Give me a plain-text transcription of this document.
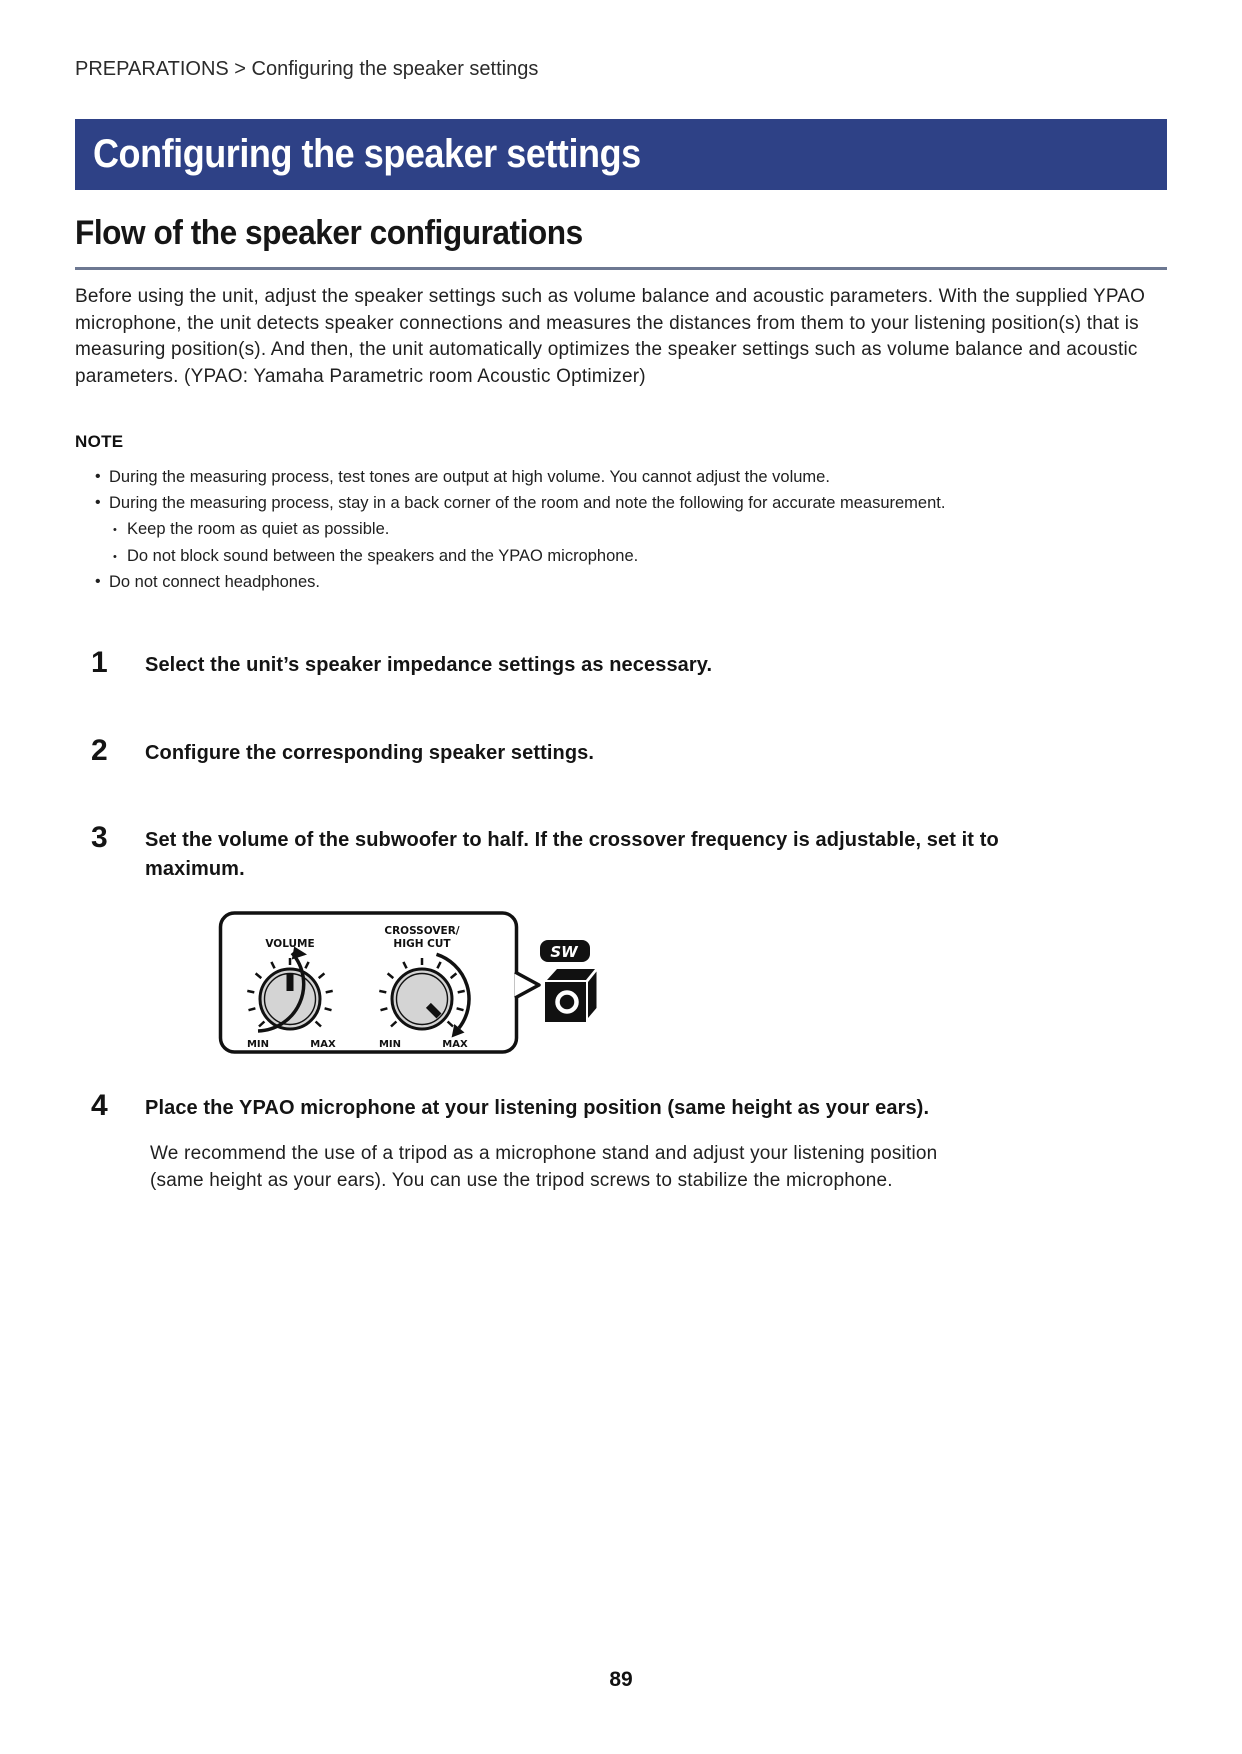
PREPARATIONS > Configuring the speaker settings
Configuring the speaker settings
Flow of the speaker configurations

Before using the unit, adjust the speaker settings such as volume balance and acoustic parameters. With the supplied YPAO microphone, the unit detects speaker connections and measures the distances from them to your listening position(s) that is measuring position(s). And then, the unit automatically optimizes the speaker settings such as volume balance and acoustic parameters. (YPAO: Yamaha Parametric room Acoustic Optimizer)

NOTE
• During the measuring process, test tones are output at high volume. You cannot adjust the volume.
• During the measuring process, stay in a back corner of the room and note the following for accurate measurement.
• Keep the room as quiet as possible.
• Do not block sound between the speakers and the YPAO microphone.
• Do not connect headphones.
1	Select the unit’s speaker impedance settings as necessary.
2	Configure the corresponding speaker settings.
3	Set the volume of the subwoofer to half. If the crossover frequency is adjustable, set it to maximum.
VOLUME
MIN	MAX
CROSSOVER/
HIGH CUT
MIN	MAX
SW
4	Place the YPAO microphone at your listening position (same height as your ears).

We recommend the use of a tripod as a microphone stand and adjust your listening position (same height as your ears). You can use the tripod screws to stabilize the microphone.

89
